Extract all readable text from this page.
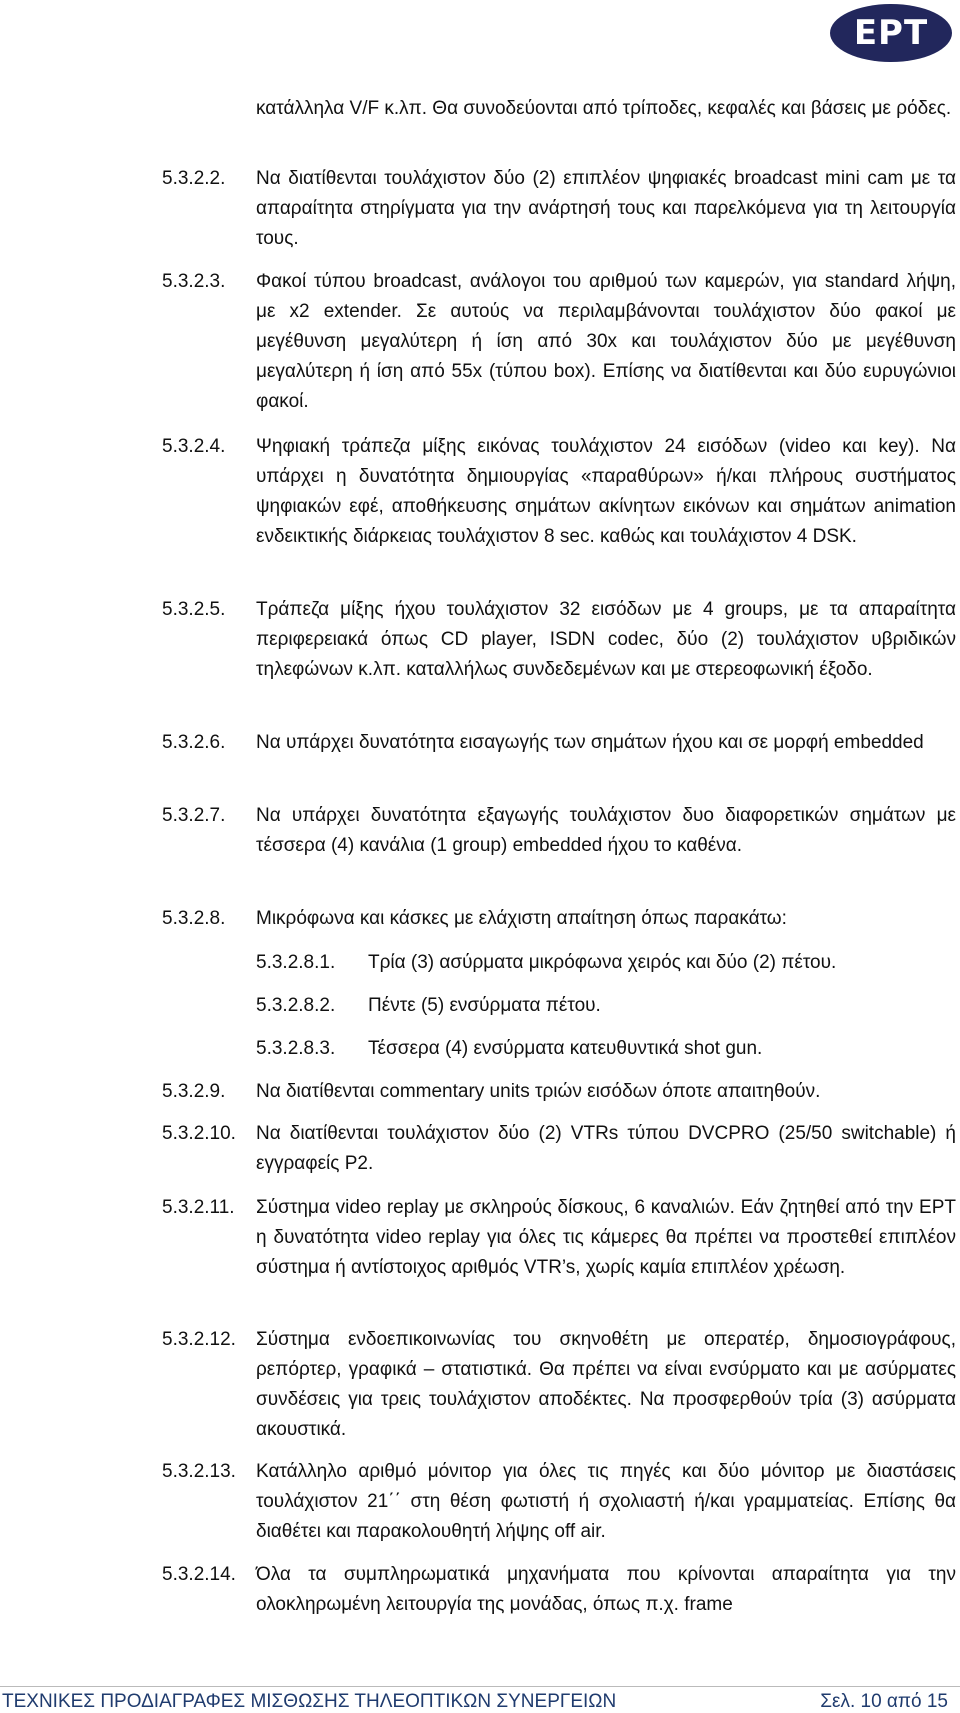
ΕΡΤ

κατάλληλα V/F κ.λπ. Θα συνοδεύονται από τρίποδες, κεφαλές και βάσεις με ρόδες.

5.3.2.2. Να διατίθενται τουλάχιστον δύο (2) επιπλέον ψηφιακές broadcast mini cam με τα απαραίτητα στηρίγματα για την ανάρτησή τους και παρελκόμενα για τη λειτουργία τους.

5.3.2.3. Φακοί τύπου broadcast, ανάλογοι του αριθμού των καμερών, για standard λήψη, με x2 extender. Σε αυτούς να περιλαμβάνονται τουλάχιστον δύο φακοί με μεγέθυνση μεγαλύτερη ή ίση από 30x και τουλάχιστον δύο με μεγέθυνση μεγαλύτερη ή ίση από 55x (τύπου box). Επίσης να διατίθενται και δύο ευρυγώνιοι φακοί.

5.3.2.4. Ψηφιακή τράπεζα μίξης εικόνας τουλάχιστον 24 εισόδων (video και key). Να υπάρχει η δυνατότητα δημιουργίας «παραθύρων» ή/και πλήρους συστήματος ψηφιακών εφέ, αποθήκευσης σημάτων ακίνητων εικόνων και σημάτων animation ενδεικτικής διάρκειας τουλάχιστον 8 sec. καθώς και τουλάχιστον 4 DSK.

5.3.2.5. Τράπεζα μίξης ήχου τουλάχιστον 32 εισόδων με 4 groups, με τα απαραίτητα περιφερειακά όπως CD player, ISDN codec, δύο (2) τουλάχιστον υβριδικών τηλεφώνων κ.λπ. καταλλήλως συνδεδεμένων και με στερεοφωνική έξοδο.

5.3.2.6. Να υπάρχει δυνατότητα εισαγωγής των σημάτων ήχου και σε μορφή embedded

5.3.2.7. Να υπάρχει δυνατότητα εξαγωγής τουλάχιστον δυο διαφορετικών σημάτων με τέσσερα (4) κανάλια (1 group) embedded ήχου το καθένα.

5.3.2.8. Μικρόφωνα και κάσκες με ελάχιστη απαίτηση όπως παρακάτω:

5.3.2.8.1. Τρία (3) ασύρματα μικρόφωνα χειρός και δύο (2) πέτου.
5.3.2.8.2. Πέντε (5) ενσύρματα πέτου.
5.3.2.8.3. Τέσσερα (4) ενσύρματα κατευθυντικά shot gun.
5.3.2.9. Να διατίθενται commentary units τριών εισόδων όποτε απαιτηθούν.

5.3.2.10. Να διατίθενται τουλάχιστον δύο (2) VTRs τύπου DVCPRO (25/50 switchable) ή εγγραφείς P2.

5.3.2.11. Σύστημα video replay με σκληρούς δίσκους, 6 καναλιών. Εάν ζητηθεί από την ΕΡΤ η δυνατότητα video replay για όλες τις κάμερες θα πρέπει να προστεθεί επιπλέον σύστημα ή αντίστοιχος αριθμός VTR’s, χωρίς καμία επιπλέον χρέωση.

5.3.2.12. Σύστημα ενδοεπικοινωνίας του σκηνοθέτη με οπερατέρ, δημοσιογράφους, ρεπόρτερ, γραφικά – στατιστικά. Θα πρέπει να είναι ενσύρματο και με ασύρματες συνδέσεις για τρεις τουλάχιστον αποδέκτες. Να προσφερθούν τρία (3) ασύρματα ακουστικά.

5.3.2.13. Κατάλληλο αριθμό μόνιτορ για όλες τις πηγές και δύο μόνιτορ με διαστάσεις τουλάχιστον 21΄΄ στη θέση φωτιστή ή σχολιαστή ή/και γραμματείας. Επίσης θα διαθέτει και παρακολουθητή λήψης off air.

5.3.2.14. Όλα τα συμπληρωματικά μηχανήματα που κρίνονται απαραίτητα για την ολοκληρωμένη λειτουργία της μονάδας, όπως π.χ. frame

ΤΕΧΝΙΚΕΣ ΠΡΟΔΙΑΓΡΑΦΕΣ ΜΙΣΘΩΣΗΣ ΤΗΛΕΟΠΤΙΚΩΝ ΣΥΝΕΡΓΕΙΩΝ	Σελ. 10 από 15
